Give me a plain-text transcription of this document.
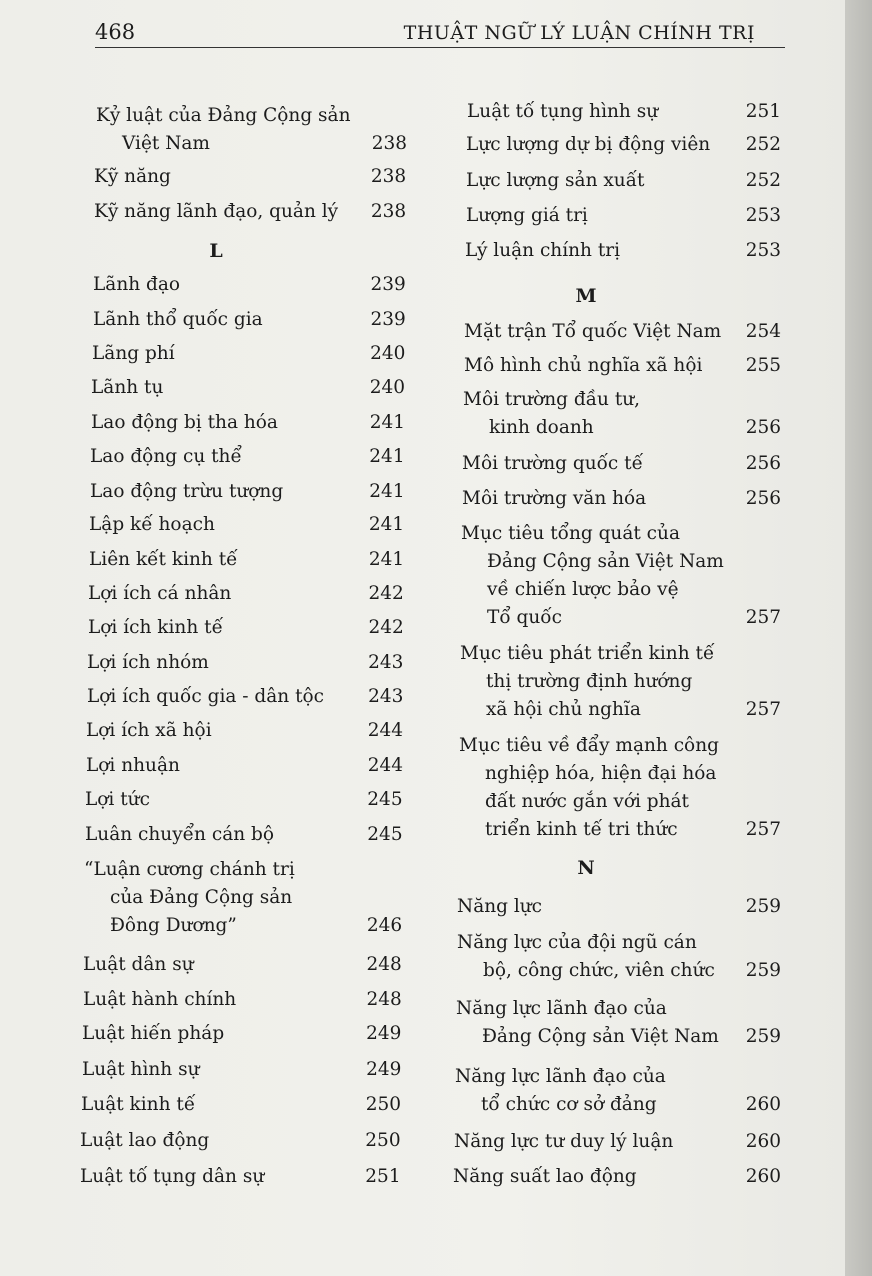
468	THUẬT NGỮ LÝ LUẬN CHÍNH TRỊ
Kỷ luật của Đảng Cộng sản
Việt Nam	238
Kỹ năng	238
Kỹ năng lãnh đạo, quản lý	238
L
Lãnh đạo	239
Lãnh thổ quốc gia	239
Lãng phí	240
Lãnh tụ	240
Lao động bị tha hóa	241
Lao động cụ thể	241
Lao động trừu tượng	241
Lập kế hoạch	241
Liên kết kinh tế	241
Lợi ích cá nhân	242
Lợi ích kinh tế	242
Lợi ích nhóm	243
Lợi ích quốc gia - dân tộc	243
Lợi ích xã hội	244
Lợi nhuận	244
Lợi tức	245
Luân chuyển cán bộ	245
“Luận cương chánh trị
của Đảng Cộng sản
Đông Dương”	246
Luật dân sự	248
Luật hành chính	248
Luật hiến pháp	249
Luật hình sự	249
Luật kinh tế	250
Luật lao động	250
Luật tố tụng dân sự	251
Luật tố tụng hình sự	251
Lực lượng dự bị động viên	252
Lực lượng sản xuất	252
Lượng giá trị	253
Lý luận chính trị	253
M
Mặt trận Tổ quốc Việt Nam	254
Mô hình chủ nghĩa xã hội	255
Môi trường đầu tư,
kinh doanh	256
Môi trường quốc tế	256
Môi trường văn hóa	256
Mục tiêu tổng quát của
Đảng Cộng sản Việt Nam
về chiến lược bảo vệ
Tổ quốc	257
Mục tiêu phát triển kinh tế
thị trường định hướng
xã hội chủ nghĩa	257
Mục tiêu về đẩy mạnh công
nghiệp hóa, hiện đại hóa
đất nước gắn với phát
triển kinh tế tri thức	257
N
Năng lực	259
Năng lực của đội ngũ cán
bộ, công chức, viên chức	259
Năng lực lãnh đạo của
Đảng Cộng sản Việt Nam	259
Năng lực lãnh đạo của
tổ chức cơ sở đảng	260
Năng lực tư duy lý luận	260
Năng suất lao động	260
